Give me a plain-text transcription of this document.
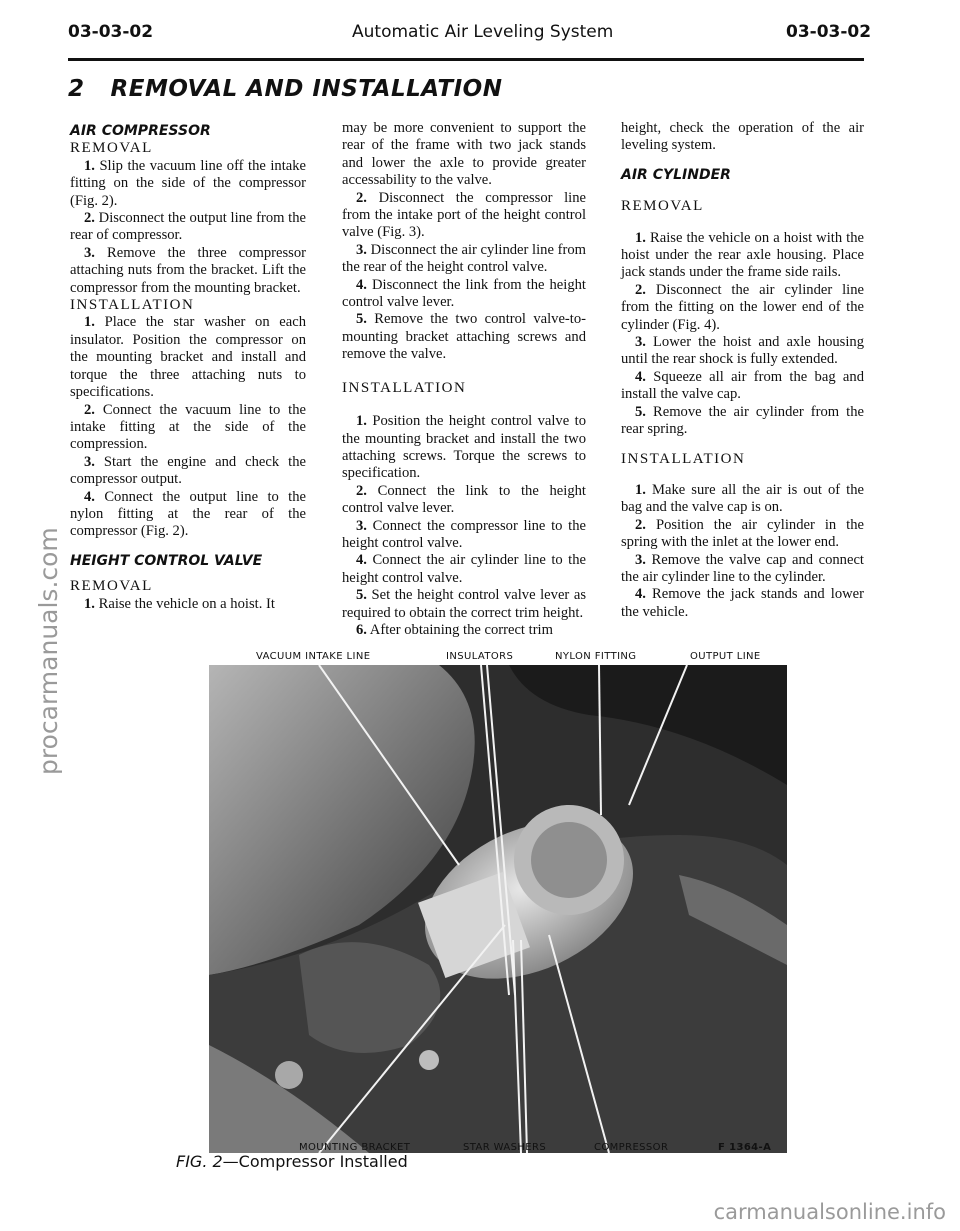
03-03-02	Automatic Air Leveling System	03-03-02
2 REMOVAL AND INSTALLATION

AIR COMPRESSOR

REMOVAL

1. Slip the vacuum line off the intake fitting on the side of the compressor (Fig. 2).

2. Disconnect the output line from the rear of compressor.

3. Remove the three compressor attaching nuts from the bracket. Lift the compressor from the mounting bracket.

INSTALLATION

1. Place the star washer on each insulator. Position the compressor on the mounting bracket and install and torque the three attaching nuts to specifications.

2. Connect the vacuum line to the intake fitting at the side of the compression.

3. Start the engine and check the compressor output.

4. Connect the output line to the nylon fitting at the rear of the compressor (Fig. 2).

HEIGHT CONTROL VALVE

REMOVAL

1. Raise the vehicle on a hoist. It

may be more convenient to support the rear of the frame with two jack stands and lower the axle to provide greater accessability to the valve.

2. Disconnect the compressor line from the intake port of the height control valve (Fig. 3).

3. Disconnect the air cylinder line from the rear of the height control valve.

4. Disconnect the link from the height control valve lever.

5. Remove the two control valve-to-mounting bracket attaching screws and remove the valve.

INSTALLATION

1. Position the height control valve to the mounting bracket and install the two attaching screws. Torque the screws to specification.

2. Connect the link to the height control valve lever.

3. Connect the compressor line to the height control valve.

4. Connect the air cylinder line to the height control valve.

5. Set the height control valve lever as required to obtain the correct trim height.

6. After obtaining the correct trim

height, check the operation of the air leveling system.

AIR CYLINDER

REMOVAL

1. Raise the vehicle on a hoist with the hoist under the rear axle housing. Place jack stands under the frame side rails.

2. Disconnect the air cylinder line from the fitting on the lower end of the cylinder (Fig. 4).

3. Lower the hoist and axle housing until the rear shock is fully extended.

4. Squeeze all air from the bag and install the valve cap.

5. Remove the air cylinder from the rear spring.

INSTALLATION

1. Make sure all the air is out of the bag and the valve cap is on.

2. Position the air cylinder in the spring with the inlet at the lower end.

3. Remove the valve cap and connect the air cylinder line to the cylinder.

4. Remove the jack stands and lower the vehicle.

VACUUM INTAKE LINE	INSULATORS	NYLON FITTING	OUTPUT LINE
MOUNTING BRACKET	STAR WASHERS	COMPRESSOR	F 1364-A
FIG. 2—Compressor Installed
procarmanuals.com
carmanualsonline.info
